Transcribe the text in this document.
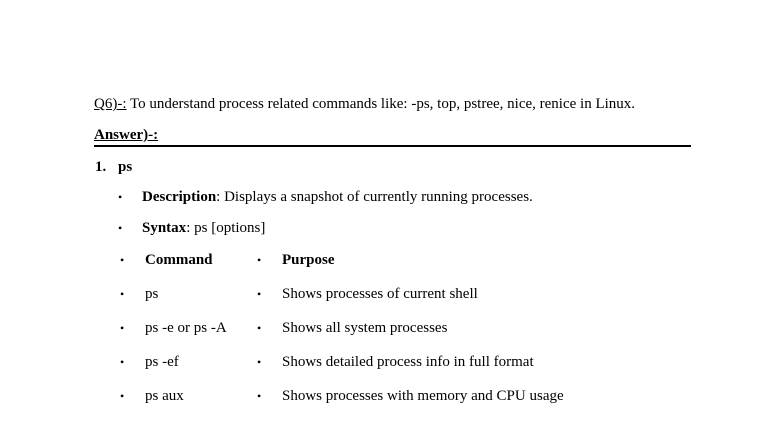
Q6)-: To understand process related commands like: -ps, top, pstree, nice, renice in Linux.
Answer)-:
1. ps
• Description: Displays a snapshot of currently running processes.
• Syntax: ps [options]
• Command	• Purpose
• ps	• Shows processes of current shell
• ps -e or ps -A	• Shows all system processes
• ps -ef	• Shows detailed process info in full format
• ps aux	• Shows processes with memory and CPU usage
